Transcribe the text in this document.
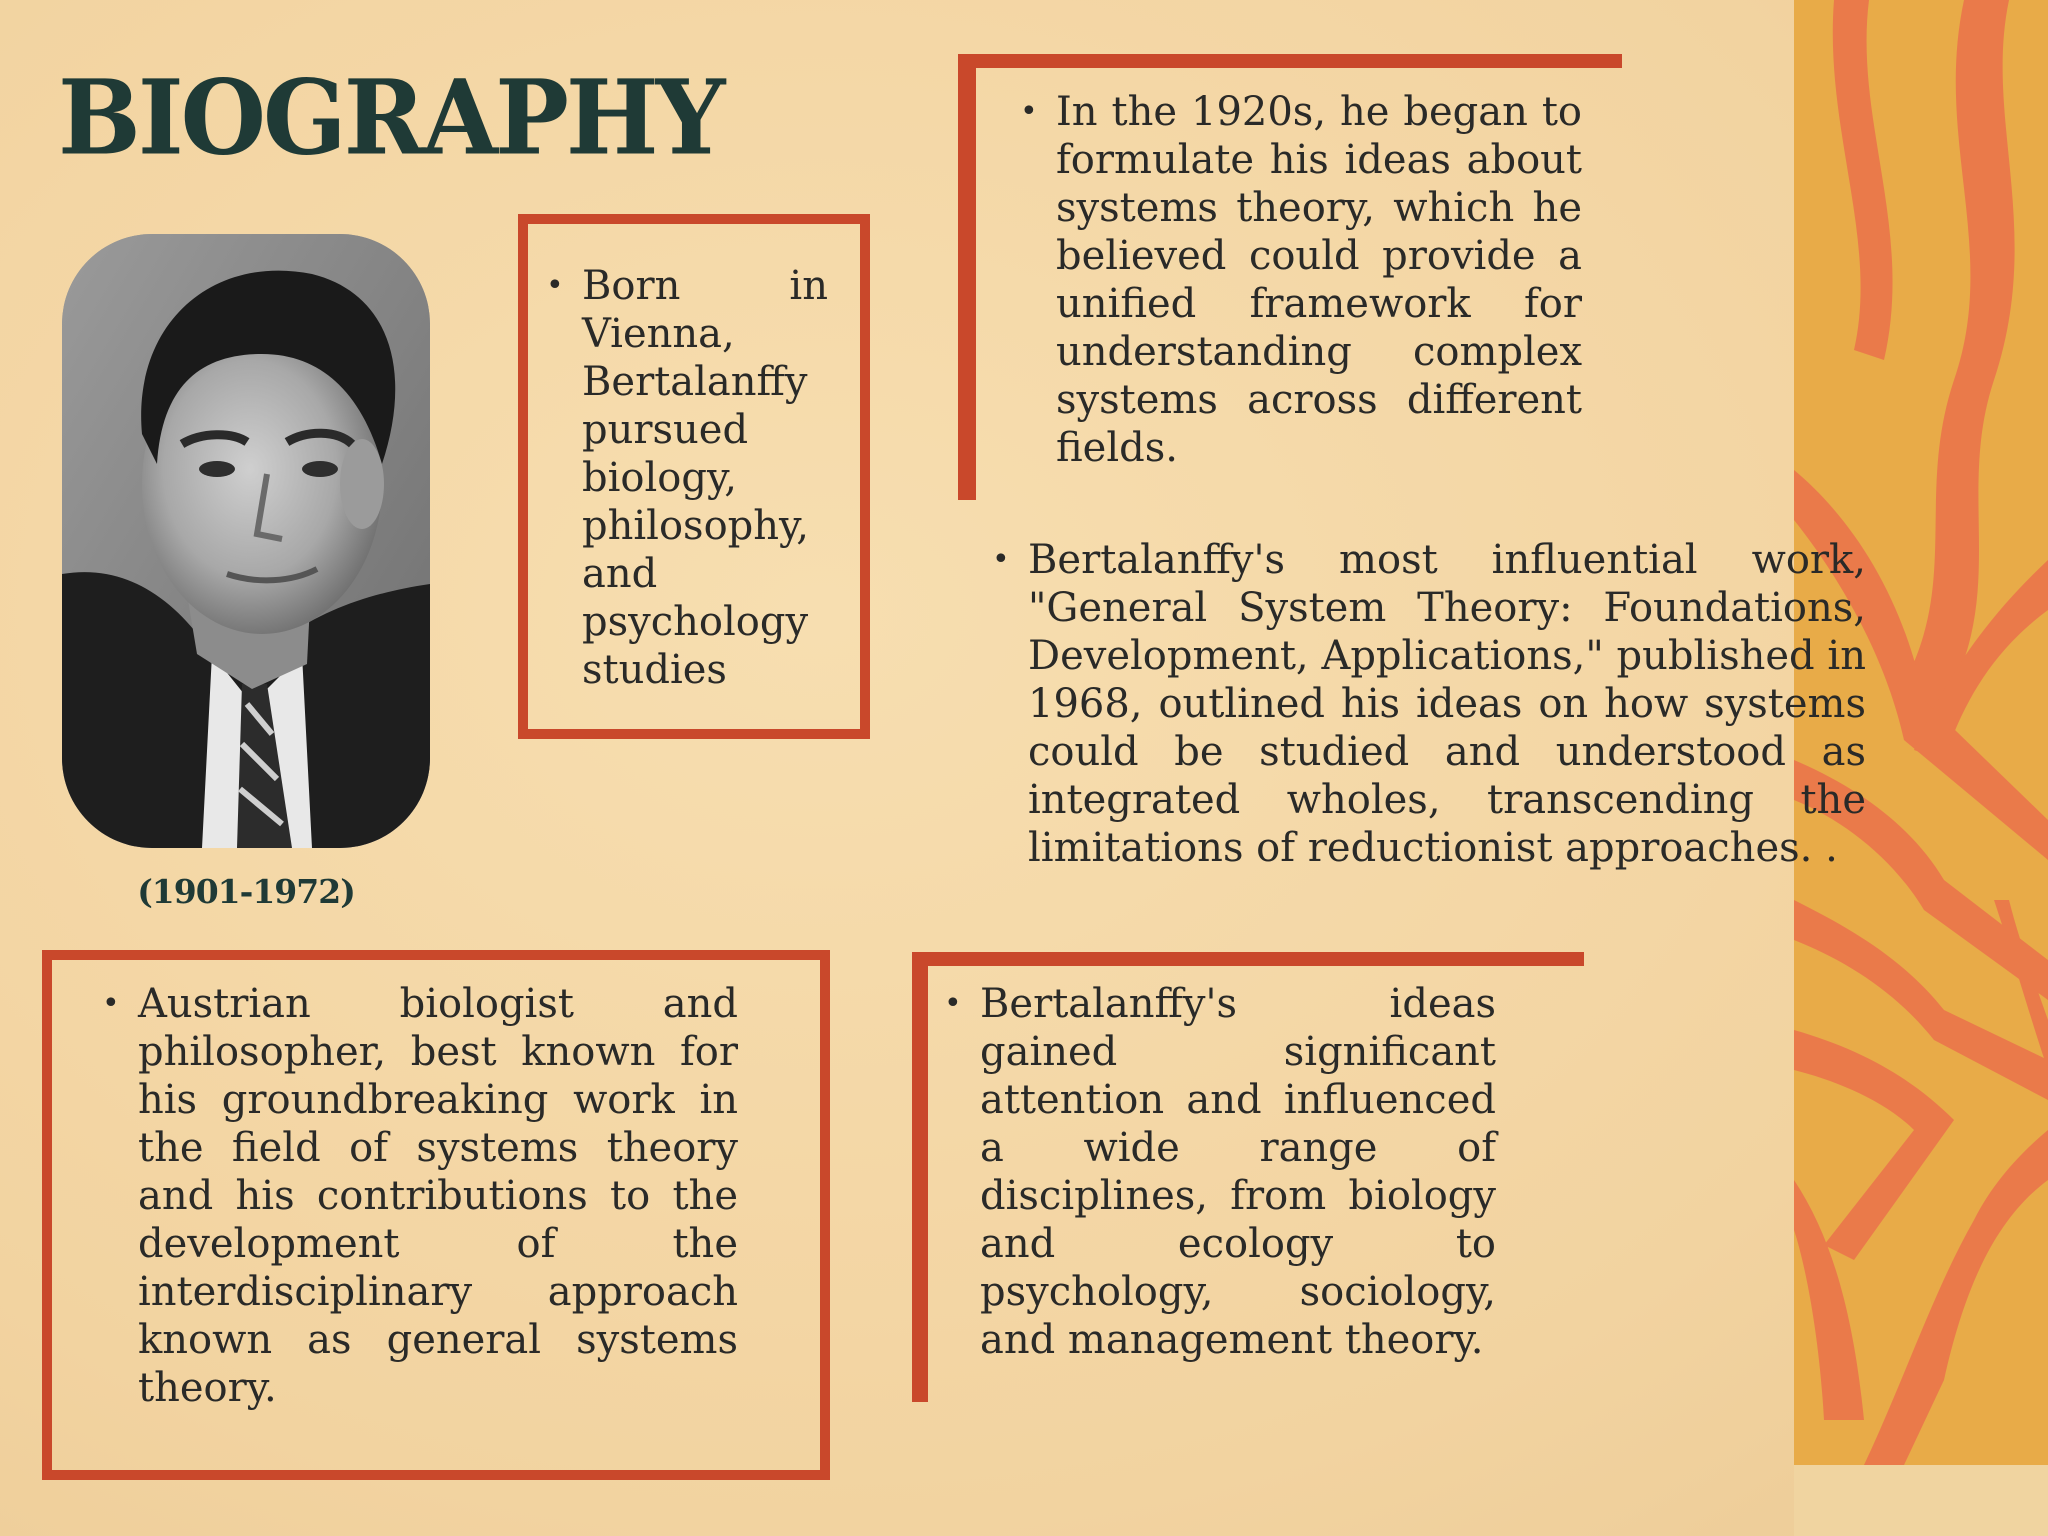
BIOGRAPHY
(1901-1972)
• Born in Vienna, Bertalanffy pursued biology, philosophy, and psychology studies
• In the 1920s, he began to formulate his ideas about systems theory, which he believed could provide a unified framework for understanding complex systems across different fields.
• Bertalanffy's most influential work, "General System Theory: Foundations, Development, Applications," published in 1968, outlined his ideas on how systems could be studied and understood as integrated wholes, transcending the limitations of reductionist approaches. .
• Austrian biologist and philosopher, best known for his groundbreaking work in the field of systems theory and his contributions to the development of the interdisciplinary approach known as general systems theory.
• Bertalanffy's ideas gained significant attention and influenced a wide range of disciplines, from biology and ecology to psychology, sociology, and management theory.
